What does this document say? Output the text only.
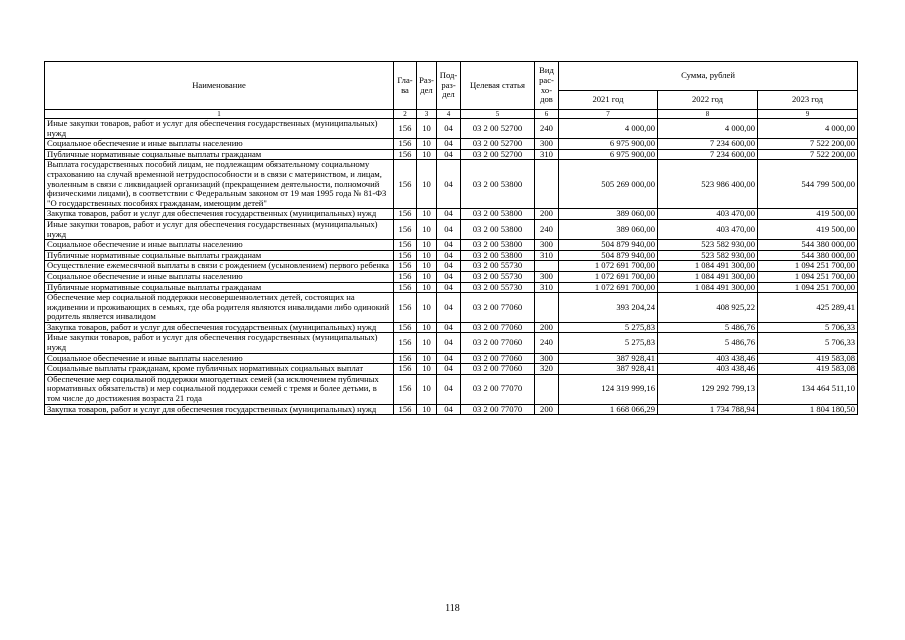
Наименование	Гла-ва	Раз-дел	Под-раз-дел	Целевая статья	Вид рас-хо-дов	Сумма, рублей		
						2021 год	2022 год	2023 год
1	2	3	4	5	6	7	8	9
Иные закупки товаров, работ и услуг для обеспечения государственных (муниципальных) нужд	156	10	04	03 2 00 52700	240	4 000,00	4 000,00	4 000,00
Социальное обеспечение и иные выплаты населению	156	10	04	03 2 00 52700	300	6 975 900,00	7 234 600,00	7 522 200,00
Публичные нормативные социальные выплаты гражданам	156	10	04	03 2 00 52700	310	6 975 900,00	7 234 600,00	7 522 200,00
Выплата государственных пособий лицам, не подлежащим обязательному социальному страхованию на случай временной нетрудоспособности и в связи с материнством, и лицам, уволенным в связи с ликвидацией организаций (прекращением деятельности, полномочий физическими лицами), в соответствии с Федеральным законом от 19 мая 1995 года № 81-ФЗ "О государственных пособиях гражданам, имеющим детей"	156	10	04	03 2 00 53800		505 269 000,00	523 986 400,00	544 799 500,00
Закупка товаров, работ и услуг для обеспечения государственных (муниципальных) нужд	156	10	04	03 2 00 53800	200	389 060,00	403 470,00	419 500,00
Иные закупки товаров, работ и услуг для обеспечения государственных (муниципальных) нужд	156	10	04	03 2 00 53800	240	389 060,00	403 470,00	419 500,00
Социальное обеспечение и иные выплаты населению	156	10	04	03 2 00 53800	300	504 879 940,00	523 582 930,00	544 380 000,00
Публичные нормативные социальные выплаты гражданам	156	10	04	03 2 00 53800	310	504 879 940,00	523 582 930,00	544 380 000,00
Осуществление ежемесячной выплаты в связи с рождением (усыновлением) первого ребенка	156	10	04	03 2 00 55730		1 072 691 700,00	1 084 491 300,00	1 094 251 700,00
Социальное обеспечение и иные выплаты населению	156	10	04	03 2 00 55730	300	1 072 691 700,00	1 084 491 300,00	1 094 251 700,00
Публичные нормативные социальные выплаты гражданам	156	10	04	03 2 00 55730	310	1 072 691 700,00	1 084 491 300,00	1 094 251 700,00
Обеспечение мер социальной поддержки несовершеннолетних детей, состоящих на иждивении и проживающих в семьях, где оба родителя являются инвалидами либо одинокий родитель является инвалидом	156	10	04	03 2 00 77060		393 204,24	408 925,22	425 289,41
Закупка товаров, работ и услуг для обеспечения государственных (муниципальных) нужд	156	10	04	03 2 00 77060	200	5 275,83	5 486,76	5 706,33
Иные закупки товаров, работ и услуг для обеспечения государственных (муниципальных) нужд	156	10	04	03 2 00 77060	240	5 275,83	5 486,76	5 706,33
Социальное обеспечение и иные выплаты населению	156	10	04	03 2 00 77060	300	387 928,41	403 438,46	419 583,08
Социальные выплаты гражданам, кроме публичных нормативных социальных выплат	156	10	04	03 2 00 77060	320	387 928,41	403 438,46	419 583,08
Обеспечение мер социальной поддержки многодетных семей (за исключением публичных нормативных обязательств) и мер социальной поддержки семей с тремя и более детьми, в том числе до достижения возраста 21 года	156	10	04	03 2 00 77070		124 319 999,16	129 292 799,13	134 464 511,10
Закупка товаров, работ и услуг для обеспечения государственных (муниципальных) нужд	156	10	04	03 2 00 77070	200	1 668 066,29	1 734 788,94	1 804 180,50
118
